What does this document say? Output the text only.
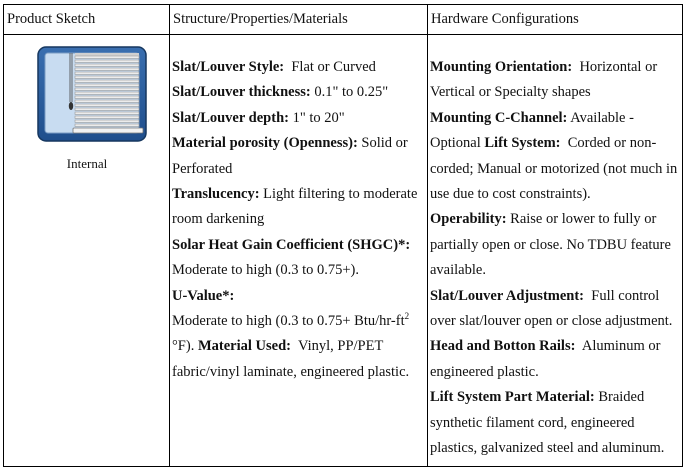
Product Sketch	Structure/Properties/Materials	Hardware Configurations
Internal

Slat/Louver Style: Flat or Curved

Slat/Louver thickness: 0.1" to 0.25"

Slat/Louver depth: 1" to 20"

Material porosity (Openness): Solid or Perforated

Translucency: Light filtering to moderate room darkening

Solar Heat Gain Coefficient (SHGC)*: Moderate to high (0.3 to 0.75+).

U-Value*:
Moderate to high (0.3 to 0.75+ Btu/$hr-ft^2$ °F). Material Used: Vinyl, PP/PET fabric/vinyl laminate, engineered plastic.

Mounting Orientation: Horizontal or Vertical or Specialty shapes

Mounting C-Channel: Available - Optional Lift System: Corded or non-corded; Manual or motorized (not much in use due to cost constraints).

Operability: Raise or lower to fully or partially open or close. No TDBU feature available.

Slat/Louver Adjustment: Full control over slat/louver open or close adjustment.

Head and Botton Rails: Aluminum or engineered plastic.

Lift System Part Material: Braided synthetic filament cord, engineered plastics, galvanized steel and aluminum.
